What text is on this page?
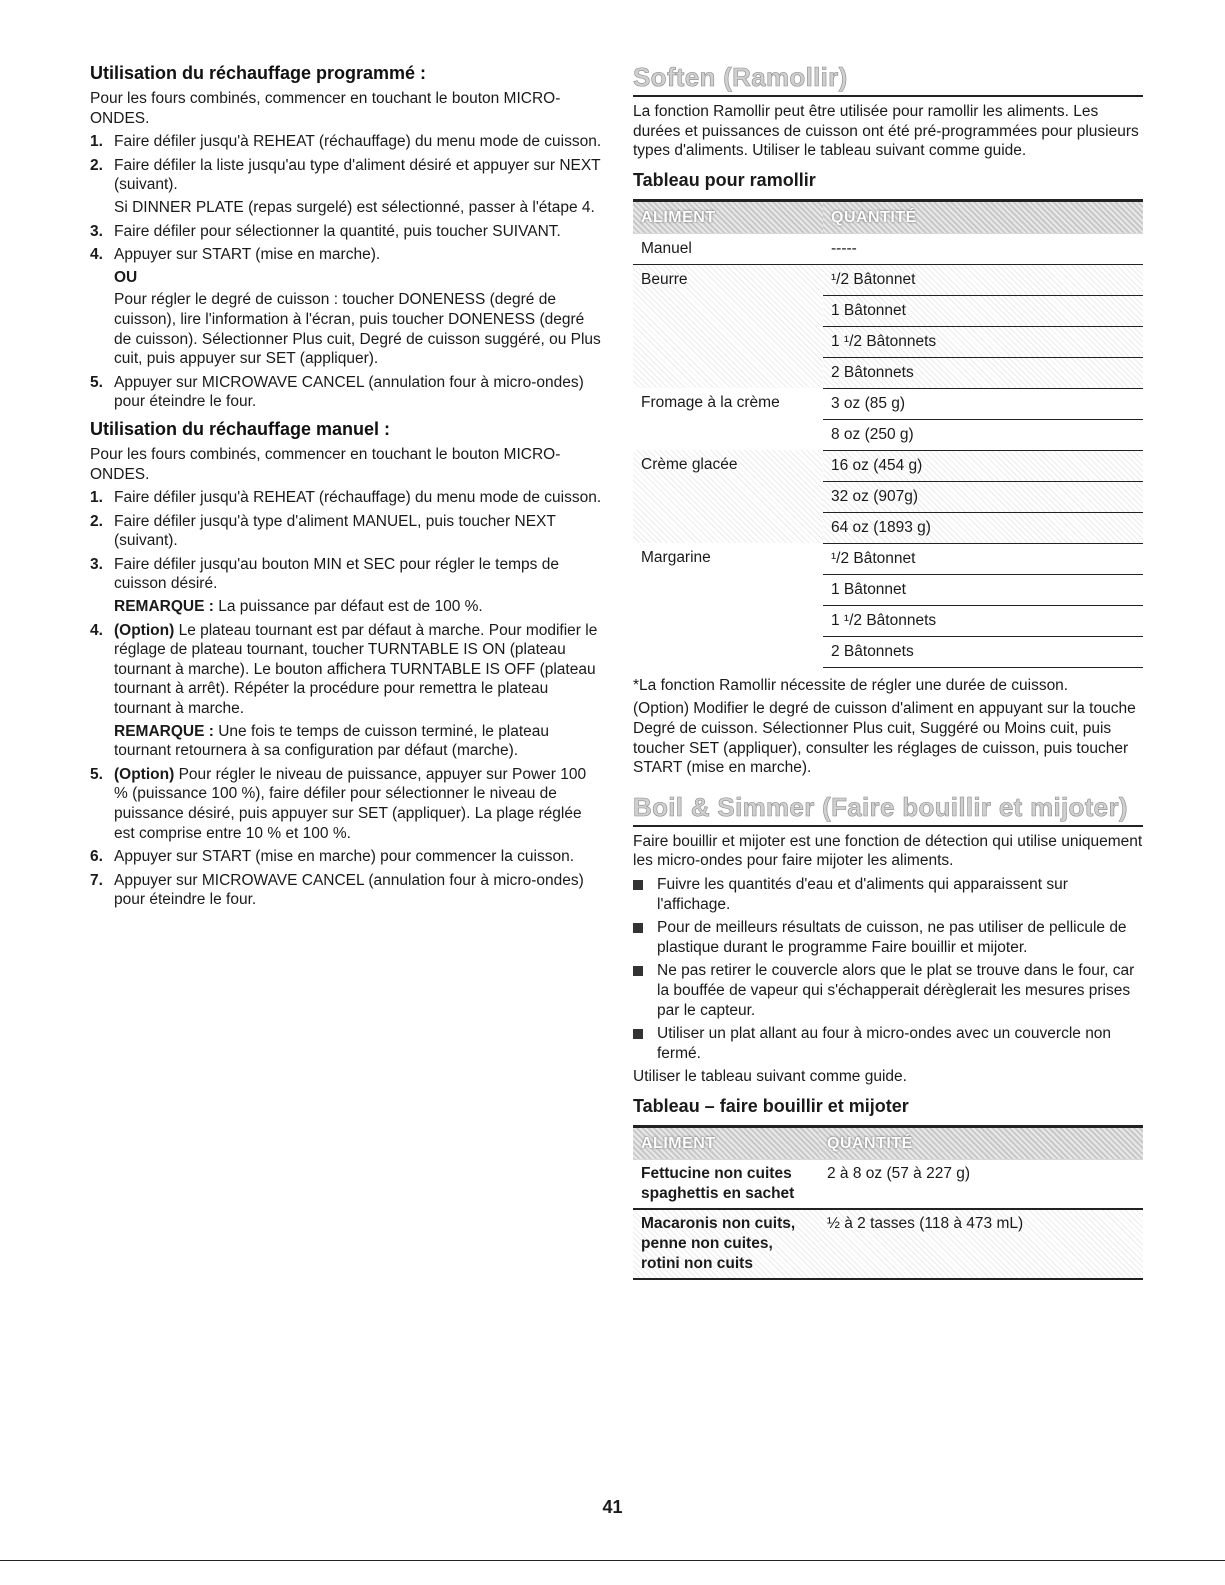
Utilisation du réchauffage programmé :

Pour les fours combinés, commencer en touchant le bouton MICRO-ONDES.

1. Faire défiler jusqu'à REHEAT (réchauffage) du menu mode de cuisson.
2. Faire défiler la liste jusqu'au type d'aliment désiré et appuyer sur NEXT (suivant).
Si DINNER PLATE (repas surgelé) est sélectionné, passer à l'étape 4.
3. Faire défiler pour sélectionner la quantité, puis toucher SUIVANT.
4. Appuyer sur START (mise en marche).
OU
Pour régler le degré de cuisson : toucher DONENESS (degré de cuisson), lire l'information à l'écran, puis toucher DONENESS (degré de cuisson). Sélectionner Plus cuit, Degré de cuisson suggéré, ou Plus cuit, puis appuyer sur SET (appliquer).
5. Appuyer sur MICROWAVE CANCEL (annulation four à micro-ondes) pour éteindre le four.
Utilisation du réchauffage manuel :

Pour les fours combinés, commencer en touchant le bouton MICRO-ONDES.

1. Faire défiler jusqu'à REHEAT (réchauffage) du menu mode de cuisson.
2. Faire défiler jusqu'à type d'aliment MANUEL, puis toucher NEXT (suivant).
3. Faire défiler jusqu'au bouton MIN et SEC pour régler le temps de cuisson désiré.
REMARQUE : La puissance par défaut est de 100 %.
4. (Option) Le plateau tournant est par défaut à marche. Pour modifier le réglage de plateau tournant, toucher TURNTABLE IS ON (plateau tournant à marche). Le bouton affichera TURNTABLE IS OFF (plateau tournant à arrêt). Répéter la procédure pour remettra le plateau tournant à marche.
REMARQUE : Une fois te temps de cuisson terminé, le plateau tournant retournera à sa configuration par défaut (marche).
5. (Option) Pour régler le niveau de puissance, appuyer sur Power 100 % (puissance 100 %), faire défiler pour sélectionner le niveau de puissance désiré, puis appuyer sur SET (appliquer). La plage réglée est comprise entre 10 % et 100 %.
6. Appuyer sur START (mise en marche) pour commencer la cuisson.
7. Appuyer sur MICROWAVE CANCEL (annulation four à micro-ondes) pour éteindre le four.
Soften (Ramollir)

La fonction Ramollir peut être utilisée pour ramollir les aliments. Les durées et puissances de cuisson ont été pré-programmées pour plusieurs types d'aliments. Utiliser le tableau suivant comme guide.

Tableau pour ramollir
ALIMENT	QUANTITÉ
Manuel	-----
Beurre	¹/2 Bâtonnet
	1 Bâtonnet
	1 ¹/2 Bâtonnets
	2 Bâtonnets
Fromage à la crème	3 oz (85 g)
	8 oz (250 g)
Crème glacée	16 oz (454 g)
	32 oz (907g)
	64 oz (1893 g)
Margarine	¹/2 Bâtonnet
	1 Bâtonnet
	1 ¹/2 Bâtonnets
	2 Bâtonnets

*La fonction Ramollir nécessite de régler une durée de cuisson.

(Option) Modifier le degré de cuisson d'aliment en appuyant sur la touche Degré de cuisson. Sélectionner Plus cuit, Suggéré ou Moins cuit, puis toucher SET (appliquer), consulter les réglages de cuisson, puis toucher START (mise en marche).

Boil & Simmer (Faire bouillir et mijoter)

Faire bouillir et mijoter est une fonction de détection qui utilise uniquement les micro-ondes pour faire mijoter les aliments.

Fuivre les quantités d'eau et d'aliments qui apparaissent sur l'affichage.
Pour de meilleurs résultats de cuisson, ne pas utiliser de pellicule de plastique durant le programme Faire bouillir et mijoter.
Ne pas retirer le couvercle alors que le plat se trouve dans le four, car la bouffée de vapeur qui s'échapperait dérèglerait les mesures prises par le capteur.
Utiliser un plat allant au four à micro-ondes avec un couvercle non fermé.

Utiliser le tableau suivant comme guide.

Tableau – faire bouillir et mijoter
ALIMENT	QUANTITÉ
Fettucine non cuites spaghettis en sachet	2 à 8 oz (57 à 227 g)
Macaronis non cuits, penne non cuites, rotini non cuits	½ à 2 tasses (118 à 473 mL)
41
